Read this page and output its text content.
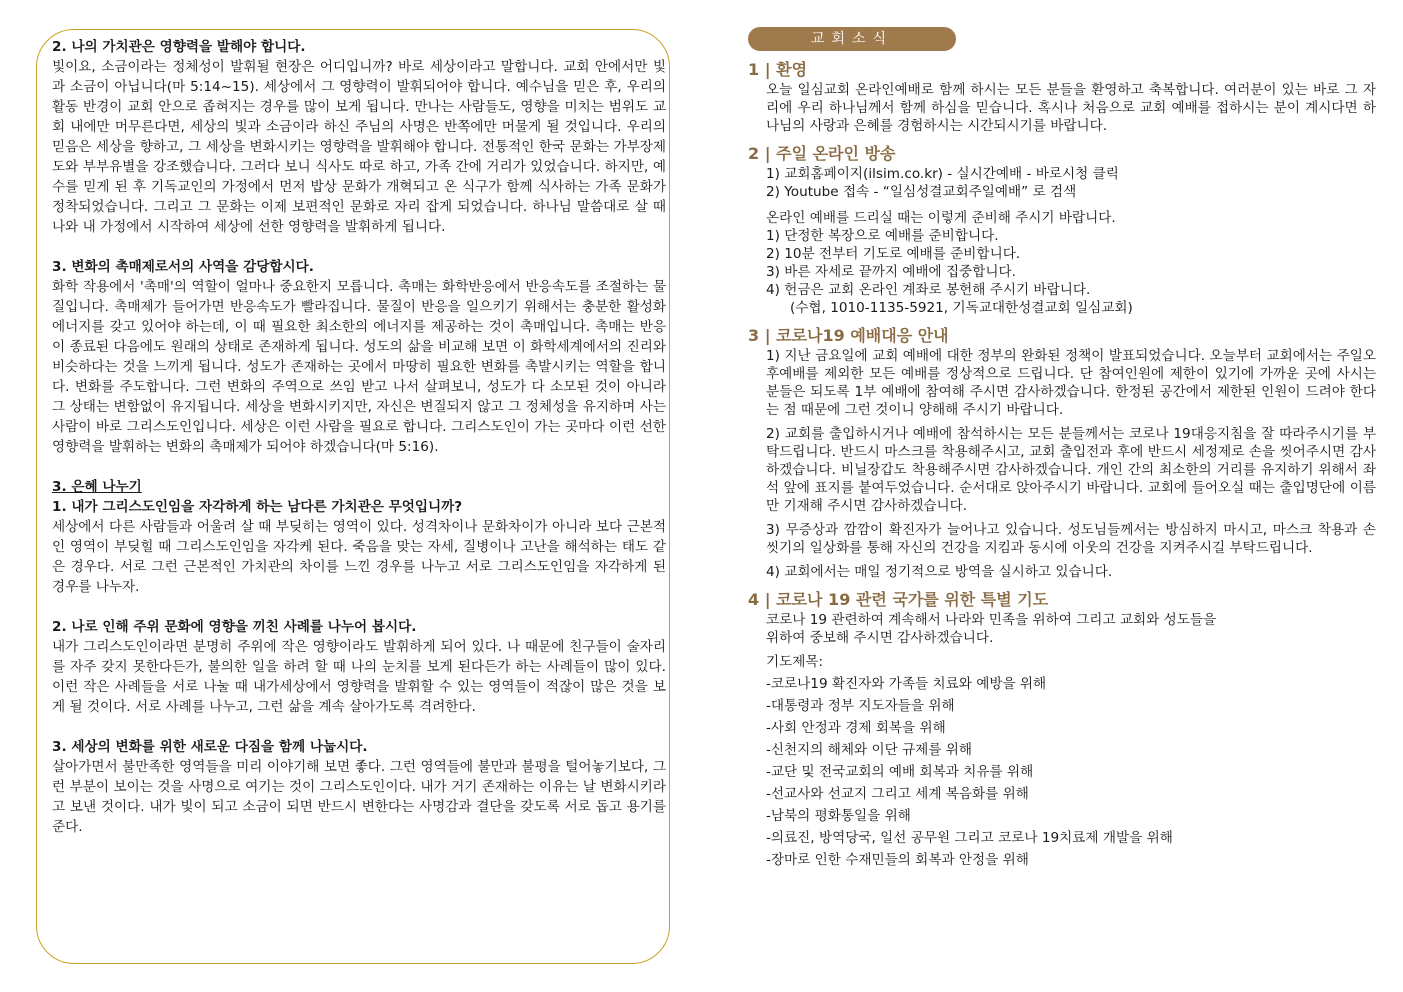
2. 나의 가치관은 영향력을 발해야 합니다.
빛이요, 소금이라는 정체성이 발휘될 현장은 어디입니까? 바로 세상이라고 말합니다. 교회 안에서만 빛과 소금이 아닙니다(마 5:14~15). 세상에서 그 영향력이 발휘되어야 합니다. 예수님을 믿은 후, 우리의 활동 반경이 교회 안으로 좁혀지는 경우를 많이 보게 됩니다. 만나는 사람들도, 영향을 미치는 범위도 교회 내에만 머무른다면, 세상의 빛과 소금이라 하신 주님의 사명은 반쪽에만 머물게 될 것입니다. 우리의 믿음은 세상을 향하고, 그 세상을 변화시키는 영향력을 발휘해야 합니다. 전통적인 한국 문화는 가부장제도와 부부유별을 강조했습니다. 그러다 보니 식사도 따로 하고, 가족 간에 거리가 있었습니다. 하지만, 예수를 믿게 된 후 기독교인의 가정에서 먼저 밥상 문화가 개혁되고 온 식구가 함께 식사하는 가족 문화가 정착되었습니다. 그리고 그 문화는 이제 보편적인 문화로 자리 잡게 되었습니다. 하나님 말씀대로 살 때 나와 내 가정에서 시작하여 세상에 선한 영향력을 발휘하게 됩니다.
3. 변화의 촉매제로서의 사역을 감당합시다.
화학 작용에서 '촉매'의 역할이 얼마나 중요한지 모릅니다. 촉매는 화학반응에서 반응속도를 조절하는 물질입니다. 촉매제가 들어가면 반응속도가 빨라집니다. 물질이 반응을 일으키기 위해서는 충분한 활성화 에너지를 갖고 있어야 하는데, 이 때 필요한 최소한의 에너지를 제공하는 것이 촉매입니다. 촉매는 반응이 종료된 다음에도 원래의 상태로 존재하게 됩니다. 성도의 삶을 비교해 보면 이 화학세계에서의 진리와 비슷하다는 것을 느끼게 됩니다. 성도가 존재하는 곳에서 마땅히 필요한 변화를 촉발시키는 역할을 합니다. 변화를 주도합니다. 그런 변화의 주역으로 쓰임 받고 나서 살펴보니, 성도가 다 소모된 것이 아니라 그 상태는 변함없이 유지됩니다. 세상을 변화시키지만, 자신은 변질되지 않고 그 정체성을 유지하며 사는 사람이 바로 그리스도인입니다. 세상은 이런 사람을 필요로 합니다. 그리스도인이 가는 곳마다 이런 선한 영향력을 발휘하는 변화의 촉매제가 되어야 하겠습니다(마 5:16).
3. 은혜 나누기
1. 내가 그리스도인임을 자각하게 하는 남다른 가치관은 무엇입니까?
세상에서 다른 사람들과 어울려 살 때 부딪히는 영역이 있다. 성격차이나 문화차이가 아니라 보다 근본적인 영역이 부딪힐 때 그리스도인임을 자각케 된다. 죽음을 맞는 자세, 질병이나 고난을 해석하는 태도 같은 경우다. 서로 그런 근본적인 가치관의 차이를 느낀 경우를 나누고 서로 그리스도인임을 자각하게 된 경우를 나누자.
2. 나로 인해 주위 문화에 영향을 끼친 사례를 나누어 봅시다.
내가 그리스도인이라면 분명히 주위에 작은 영향이라도 발휘하게 되어 있다. 나 때문에 친구들이 술자리를 자주 갖지 못한다든가, 불의한 일을 하려 할 때 나의 눈치를 보게 된다든가 하는 사례들이 많이 있다. 이런 작은 사례들을 서로 나눌 때 내가세상에서 영향력을 발휘할 수 있는 영역들이 적잖이 많은 것을 보게 될 것이다. 서로 사례를 나누고, 그런 삶을 계속 살아가도록 격려한다.
3. 세상의 변화를 위한 새로운 다짐을 함께 나눕시다.
살아가면서 불만족한 영역들을 미리 이야기해 보면 좋다. 그런 영역들에 불만과 불평을 털어놓기보다, 그런 부분이 보이는 것을 사명으로 여기는 것이 그리스도인이다. 내가 거기 존재하는 이유는 날 변화시키라고 보낸 것이다. 내가 빛이 되고 소금이 되면 반드시 변한다는 사명감과 결단을 갖도록 서로 돕고 용기를 준다.
교회소식
1 | 환영
오늘 일심교회 온라인예배로 함께 하시는 모든 분들을 환영하고 축복합니다. 여러분이 있는 바로 그 자리에 우리 하나님께서 함께 하심을 믿습니다. 혹시나 처음으로 교회 예배를 접하시는 분이 계시다면 하나님의 사랑과 은혜를 경험하시는 시간되시기를 바랍니다.
2 | 주일 온라인 방송
1) 교회홈페이지(ilsim.co.kr) - 실시간예배 - 바로시청 클릭
2) Youtube 접속 - “일심성결교회주일예배” 로 검색
온라인 예배를 드리실 때는 이렇게 준비해 주시기 바랍니다.
1) 단정한 복장으로 예배를 준비합니다.
2) 10분 전부터 기도로 예배를 준비합니다.
3) 바른 자세로 끝까지 예배에 집중합니다.
4) 헌금은 교회 온라인 계좌로 봉헌해 주시기 바랍니다.
(수협, 1010-1135-5921, 기독교대한성결교회 일심교회)
3 | 코로나19 예배대응 안내
1) 지난 금요일에 교회 예배에 대한 정부의 완화된 정책이 발표되었습니다. 오늘부터 교회에서는 주일오후예배를 제외한 모든 예배를 정상적으로 드립니다. 단 참여인원에 제한이 있기에 가까운 곳에 사시는 분들은 되도록 1부 예배에 참여해 주시면 감사하겠습니다. 한정된 공간에서 제한된 인원이 드려야 한다는 점 때문에 그런 것이니 양해해 주시기 바랍니다.
2) 교회를 출입하시거나 예배에 참석하시는 모든 분들께서는 코로나 19대응지침을 잘 따라주시기를 부탁드립니다. 반드시 마스크를 착용해주시고, 교회 출입전과 후에 반드시 세정제로 손을 씻어주시면 감사하겠습니다. 비닐장갑도 착용해주시면 감사하겠습니다. 개인 간의 최소한의 거리를 유지하기 위해서 좌석 앞에 표지를 붙여두었습니다. 순서대로 앉아주시기 바랍니다. 교회에 들어오실 때는 출입명단에 이름만 기재해 주시면 감사하겠습니다.
3) 무증상과 깜깜이 확진자가 늘어나고 있습니다. 성도님들께서는 방심하지 마시고, 마스크 착용과 손 씻기의 일상화를 통해 자신의 건강을 지킴과 동시에 이웃의 건강을 지켜주시길 부탁드립니다.
4) 교회에서는 매일 정기적으로 방역을 실시하고 있습니다.
4 | 코로나 19 관련 국가를 위한 특별 기도
코로나 19 관련하여 계속해서 나라와 민족을 위하여 그리고 교회와 성도들을
위하여 중보해 주시면 감사하겠습니다.
기도제목:
-코로나19 확진자와 가족들 치료와 예방을 위해
-대통령과 정부 지도자들을 위해
-사회 안정과 경제 회복을 위해
-신천지의 해체와 이단 규제를 위해
-교단 및 전국교회의 예배 회복과 치유를 위해
-선교사와 선교지 그리고 세계 복음화를 위해
-남북의 평화통일을 위해
-의료진, 방역당국, 일선 공무원 그리고 코로나 19치료제 개발을 위해
-장마로 인한 수재민들의 회복과 안정을 위해
